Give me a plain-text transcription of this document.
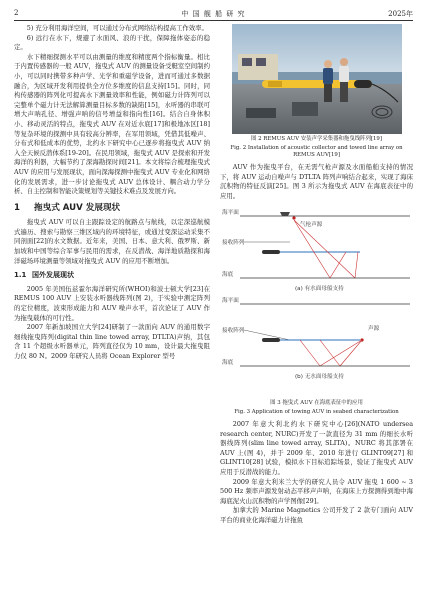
2	中 国 舰 船 研 究	2025年

5) 充分利用海洋空间，可以通过分布式网络结构提高工作效率。

6) 远行在水下，规避了水面风、浪的干扰，保障拖体姿态的稳定。

水下精细探测水平可以由测量的维度和精度两个指标衡量。相比于内置传感器的一般 AUV，拖曳式 AUV 的测量设备受艇室空间制约小，可以同时携带多种声学、光学和重磁学设备，进而可通过多数据融合，为区域开发利用提供全方位多维度的信息支持[15]。同时，同构传感器的阵列化可提高水下测量效率和性能，例如磁力计阵列可以完整单个磁力计无法解算测量目标多数的缺陷[15]，水听器的串联可增大声呐孔径、增强声呐的信号增益和指向性[16]。结合自身体积小、移动灵活的特点，拖曳式 AUV 在对近水底[17]和极地冰区[18]等复杂环境的探测中具有较高分辨率，在军用领域，凭借其低噪声、分布式和低成本的优势，北约水下研究中心已逐步将拖曳式 AUV 纳入全天候反潜体系[19-20]。在民用领域，拖曳式 AUV 是探索和开发海洋的利器，大幅节约了深海勘探时间[21]。本文将综合梳理拖曳式 AUV 的应用与发展现状，面向深海探测中拖曳式 AUV 专业化和网络化的发展需求，进一步讨论拖曳式 AUV 总体设计、耦合动力学分析、自主控制和智能决策规划等关键技术难点及发展方向。

1 拖曳式 AUV 发展现状

拖曳式 AUV 可以自主跟踪设定的航路点与航线，以定深巡航模式遍历、搜索与勘察三维区域内的环境特征，或通过变深运动采集不同剖面[22]的水文数据。近年来，美国、日本、意大利、俄罗斯、新加坡和中国等综合军事与民用的需求，在反潜战、海洋地质勘探和海洋磁场环境测量等领域对拖曳式 AUV 的应用不断增加。

1.1 国外发展现状

2005 年美国伍兹霍尔海洋研究所(WHOI)和波士顿大学[23]在 REMUS 100 AUV 上安装水听器线阵列(图 2)，于实验中测定阵列的定位精度，波束形成能力和 AUV 噪声水平，首次论证了 AUV 作为拖曳载体的可行性。

2007 年新加坡国立大学[24]研制了一款面向 AUV 的通用数字细线拖曳阵列(digital thin line towed array, DTLTA)声纳，其包含 11 个超级水听器单元，阵列直径仅为 10 mm，设计最大拖曳阻力仅 80 N。2009 年研究人员将 Ocean Explorer 型号

图 2 REMUS AUV 安装声学采集器和拖曳线阵列[19]

Fig. 2 Installation of acoustic collector and towed line array on REMUS AUV[19]

AUV 作为拖曳平台，在无需气枪声源及水面船舶支持的情况下，将 AUV 运动自噪声与 DTLTA 阵列声响结合起来，实现了海床沉积物的特征反演[25]。图 3 所示为拖曳式 AUV 在海底表征中的应用。

海平面
气枪声源
接收阵列
海底
(a) 有水面母船支持
海平面
声源
接收阵列
海底
(b) 无水面母船支持

图 3 拖曳式 AUV 在海底表征中的应用

Fig. 3 Application of towing AUV in seabed characterization

2007 年意大利北约水下研究中心[26](NATO undersea research center, NURC)开发了一款直径为 31 mm 的细长水听器线阵列(slim line towed array, SLITA)。NURC 将其部署在 AUV 上(图 4)，并于 2009 年、2010 年进行 GLINT09[27] 和 GLINT10[28] 试验，模拟水下目标追踪场景，验证了拖曳式 AUV 应用于反潜战的能力。

2009 年意大利米兰大学的研究人员令 AUV 拖曳 1 600 ~ 3 500 Hz 频率声源发射动态平移声声呐，在海床上方探测得到地中海海底泥火山沉积物的声学图像[29]。

加拿大的 Marine Magnetics 公司开发了 2 款专门面向 AUV 平台的商业化海洋磁力计拖鱼
